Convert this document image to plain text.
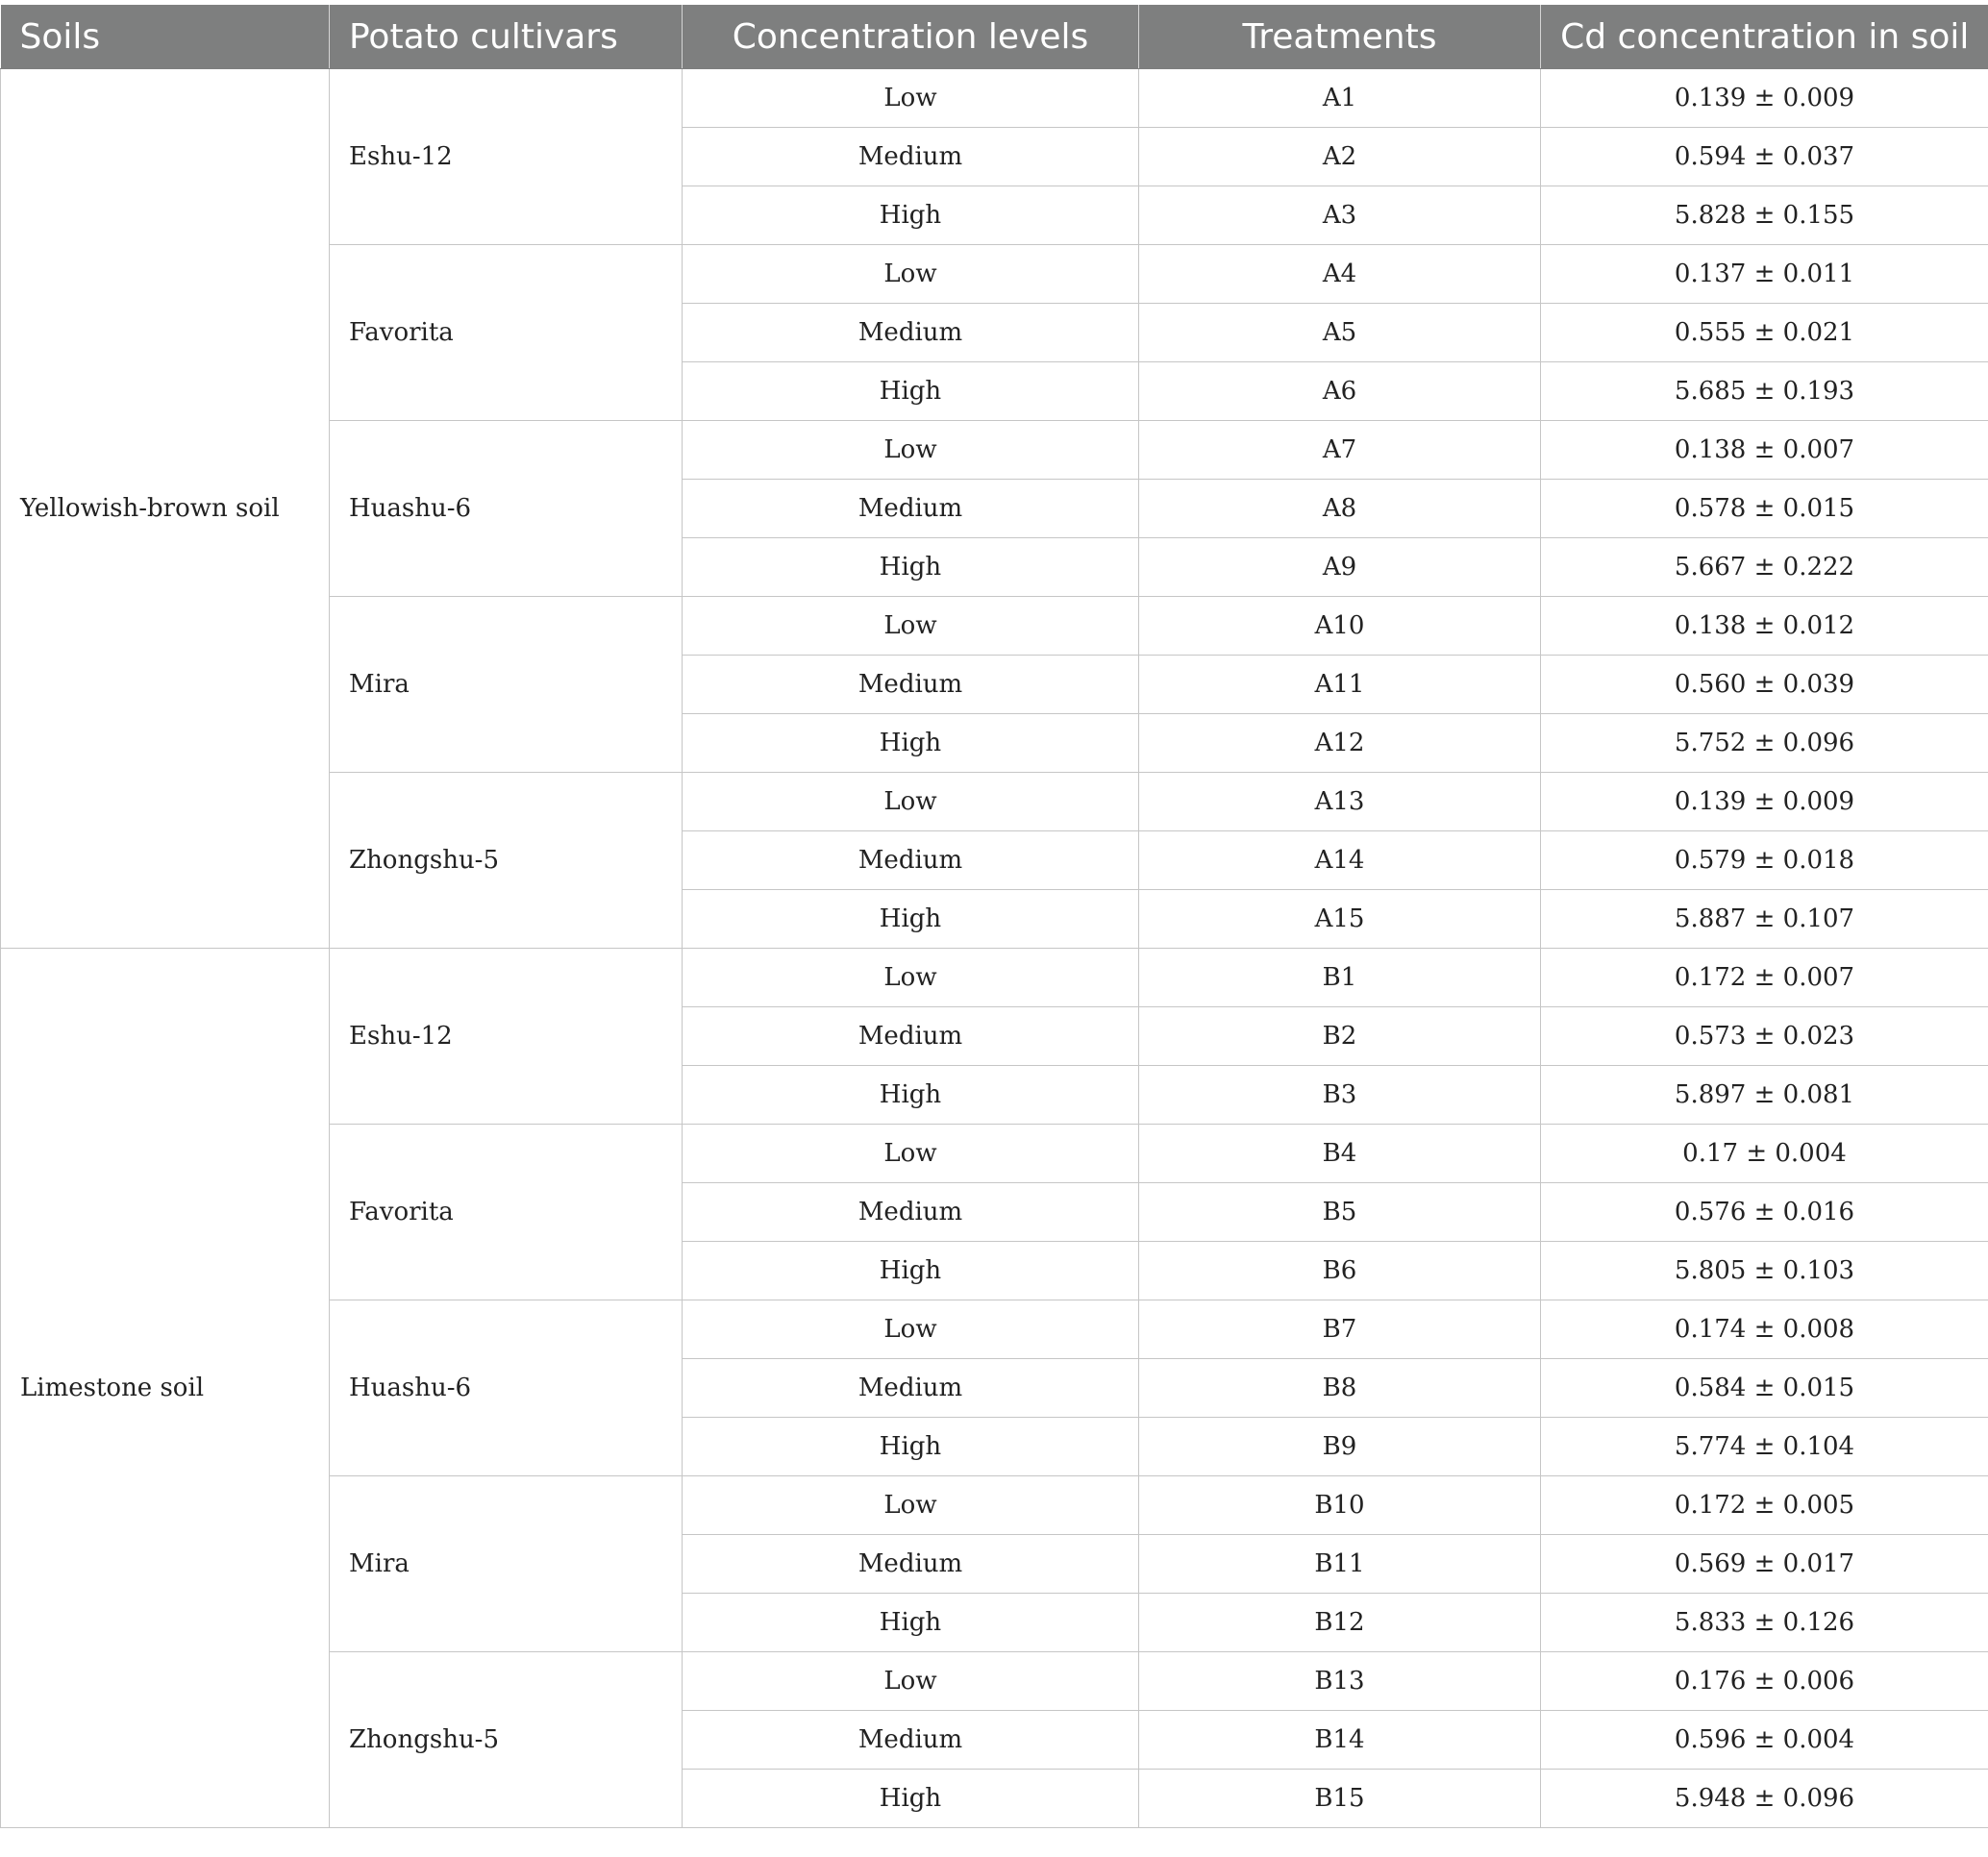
Soils	Potato cultivars	Concentration levels	Treatments	Cd concentration in soil
Yellowish-brown soil	Eshu-12	Low	A1	0.139 ± 0.009
		Medium	A2	0.594 ± 0.037
		High	A3	5.828 ± 0.155
	Favorita	Low	A4	0.137 ± 0.011
		Medium	A5	0.555 ± 0.021
		High	A6	5.685 ± 0.193
	Huashu-6	Low	A7	0.138 ± 0.007
		Medium	A8	0.578 ± 0.015
		High	A9	5.667 ± 0.222
	Mira	Low	A10	0.138 ± 0.012
		Medium	A11	0.560 ± 0.039
		High	A12	5.752 ± 0.096
	Zhongshu-5	Low	A13	0.139 ± 0.009
		Medium	A14	0.579 ± 0.018
		High	A15	5.887 ± 0.107
Limestone soil	Eshu-12	Low	B1	0.172 ± 0.007
		Medium	B2	0.573 ± 0.023
		High	B3	5.897 ± 0.081
	Favorita	Low	B4	0.17 ± 0.004
		Medium	B5	0.576 ± 0.016
		High	B6	5.805 ± 0.103
	Huashu-6	Low	B7	0.174 ± 0.008
		Medium	B8	0.584 ± 0.015
		High	B9	5.774 ± 0.104
	Mira	Low	B10	0.172 ± 0.005
		Medium	B11	0.569 ± 0.017
		High	B12	5.833 ± 0.126
	Zhongshu-5	Low	B13	0.176 ± 0.006
		Medium	B14	0.596 ± 0.004
		High	B15	5.948 ± 0.096
